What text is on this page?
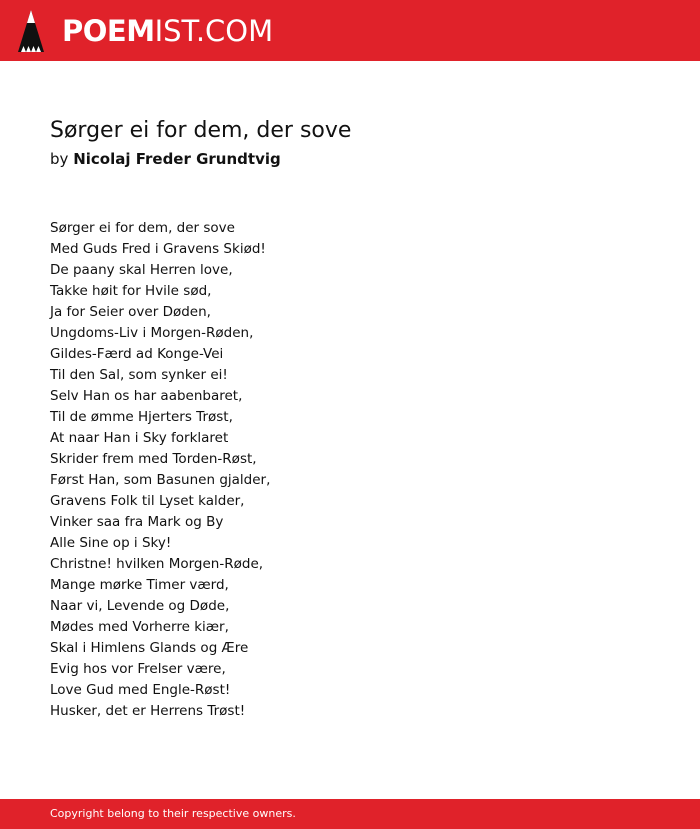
POEMIST.COM
Sørger ei for dem, der sove
by Nicolaj Freder Grundtvig
Sørger ei for dem, der sove
Med Guds Fred i Gravens Skiød!
De paany skal Herren love,
Takke høit for Hvile sød,
Ja for Seier over Døden,
Ungdoms-Liv i Morgen-Røden,
Gildes-Færd ad Konge-Vei
Til den Sal, som synker ei!
Selv Han os har aabenbaret,
Til de ømme Hjerters Trøst,
At naar Han i Sky forklaret
Skrider frem med Torden-Røst,
Først Han, som Basunen gjalder,
Gravens Folk til Lyset kalder,
Vinker saa fra Mark og By
Alle Sine op i Sky!
Christne! hvilken Morgen-Røde,
Mange mørke Timer værd,
Naar vi, Levende og Døde,
Mødes med Vorherre kiær,
Skal i Himlens Glands og Ære
Evig hos vor Frelser være,
Love Gud med Engle-Røst!
Husker, det er Herrens Trøst!
Copyright belong to their respective owners.
